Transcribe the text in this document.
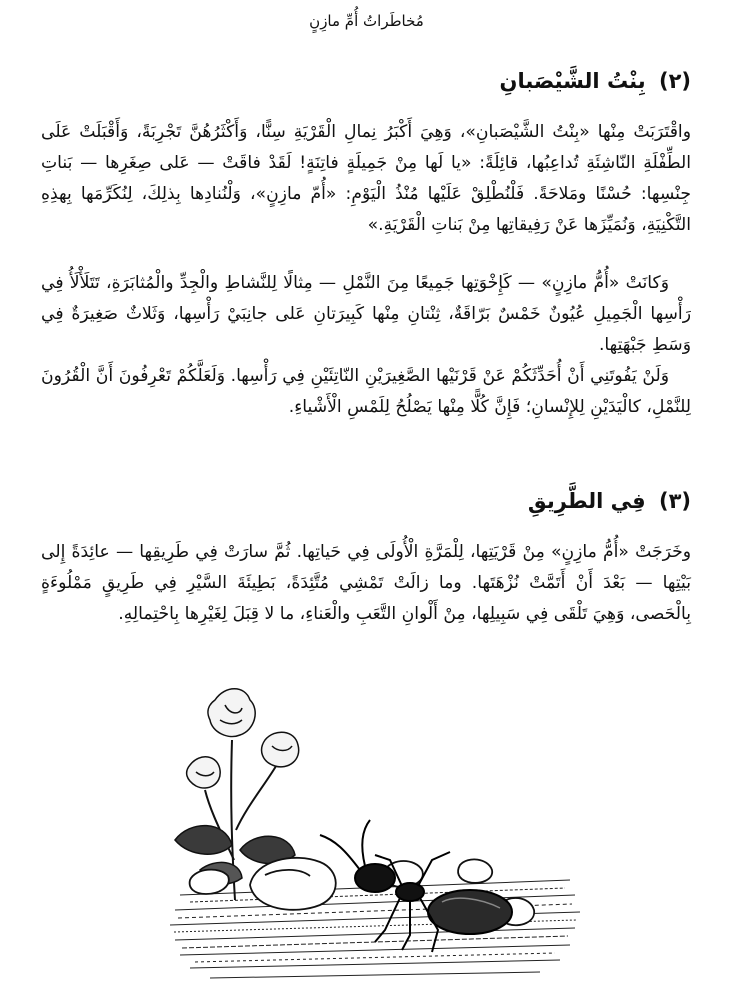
مُخاطَراتُ أُمِّ مازِنٍ
(٢) بِنْتُ الشَّيْصَبانِ

واقْتَرَبَتْ مِنْها «بِنْتُ الشَّيْصَبانِ»، وَهِيَ أَكْبَرُ نِمالِ الْقَرْيَةِ سِنًّا، وَأَكْثَرُهُنَّ تَجْرِبَةً، وَأَقْبَلَتْ عَلَى الطِّفْلَةِ النّاشِئَةِ تُداعِبُها، قائِلَةً: «يا لَها مِنْ جَمِيلَةٍ فاتِنَةٍ! لَقَدْ فاقَتْ — عَلى صِغَرِها — بَناتِ جِنْسِها: حُسْنًا ومَلاحَةً. فَلْنُطْلِقْ عَلَيْها مُنْذُ الْيَوْمِ: «أُمّ مازِنٍ»، وَلْنُنادِها بِذلِكَ، لِنُكَرِّمَها بِهذِهِ التَّكْنِيَةِ، وَنُمَيِّزَها عَنْ رَفِيقاتِها مِنْ بَناتِ الْقَرْيَةِ.»

وَكانَتْ «أُمُّ مازِنٍ» — كَإِخْوَتِها جَمِيعًا مِنَ النَّمْلِ — مِثالًا لِلنَّشاطِ والْجِدِّ والْمُثابَرَةِ، تَتَلَأْلَأُ فِي رَأْسِها الْجَمِيلِ عُيُونٌ خَمْسٌ بَرّاقَةٌ، ثِنْتانِ مِنْها كَبِيرَتانِ عَلى جانِبَيْ رَأْسِها، وَثَلاثٌ صَغِيرَةٌ فِي وَسَطِ جَبْهَتِها.

وَلَنْ يَفُوتَنِي أَنْ أُحَدِّثَكُمْ عَنْ قَرْنَيْها الصَّغِيرَيْنِ النّاتِئَيْنِ فِي رَأْسِها. وَلَعَلَّكُمْ تَعْرِفُونَ أَنَّ الْقُرُونَ لِلنَّمْلِ، كالْيَدَيْنِ لِلإِنْسانِ؛ فَإِنَّ كُلًّا مِنْها يَصْلُحُ لِلَمْسِ الْأَشْياءِ.

(٣) فِي الطَّرِيقِ

وخَرَجَتْ «أُمُّ مازِنٍ» مِنْ قَرْيَتِها، لِلْمَرَّةِ الْأُولَى فِي حَياتِها. ثُمَّ سارَتْ فِي طَرِيقِها — عائِدَةً إِلى بَيْتِها — بَعْدَ أَنْ أَتَمَّتْ نُزْهَتَها. وما زالَتْ تَمْشِي مُتَّئِدَةً، بَطِيئَةَ السَّيْرِ فِي طَرِيقٍ مَمْلُوءَةٍ بِالْحَصى، وَهِيَ تَلْقَى فِي سَبِيلِها، مِنْ أَلْوانِ التَّعَبِ والْعَناءِ، ما لا قِبَلَ لِغَيْرِها بِاحْتِمالِهِ.
